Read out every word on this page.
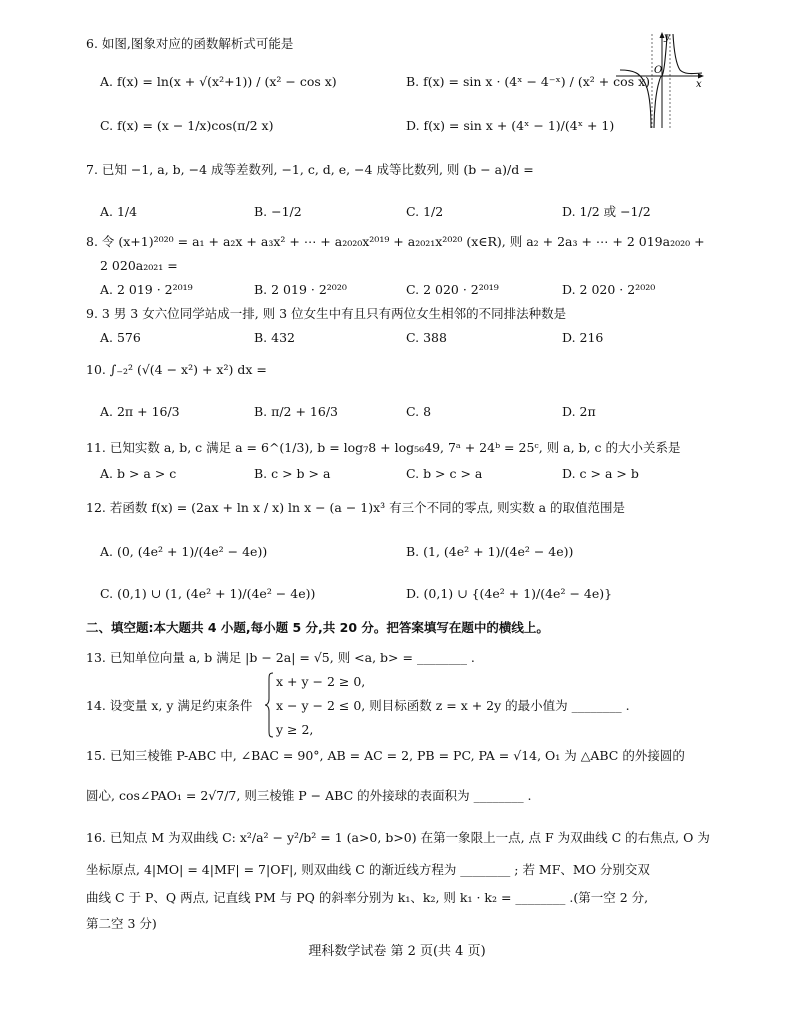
6. 如图,图象对应的函数解析式可能是
A. f(x) = ln(x + √(x²+1)) / (x² − cos x)	B. f(x) = sin x · (4ˣ − 4⁻ˣ) / (x² + cos x)
C. f(x) = (x − 1/x)cos(π/2 x)	D. f(x) = sin x + (4ˣ − 1)/(4ˣ + 1)
y
O
x
7. 已知 −1, a, b, −4 成等差数列, −1, c, d, e, −4 成等比数列, 则 (b − a)/d =
A. 1/4	B. −1/2	C. 1/2	D. 1/2 或 −1/2
8. 令 (x+1)²⁰²⁰ = a₁ + a₂x + a₃x² + ⋯ + a₂₀₂₀x²⁰¹⁹ + a₂₀₂₁x²⁰²⁰ (x∈R), 则 a₂ + 2a₃ + ⋯ + 2 019a₂₀₂₀ +
2 020a₂₀₂₁ =
A. 2 019 · 2²⁰¹⁹	B. 2 019 · 2²⁰²⁰	C. 2 020 · 2²⁰¹⁹	D. 2 020 · 2²⁰²⁰
9. 3 男 3 女六位同学站成一排, 则 3 位女生中有且只有两位女生相邻的不同排法种数是
A. 576	B. 432	C. 388	D. 216
10. ∫₋₂² (√(4 − x²) + x²) dx =
A. 2π + 16/3	B. π/2 + 16/3	C. 8	D. 2π
11. 已知实数 a, b, c 满足 a = 6^(1/3), b = log₇8 + log₅₆49, 7ᵃ + 24ᵇ = 25ᶜ, 则 a, b, c 的大小关系是
A. b > a > c	B. c > b > a	C. b > c > a	D. c > a > b
12. 若函数 f(x) = (2ax + ln x / x) ln x − (a − 1)x³ 有三个不同的零点, 则实数 a 的取值范围是
A. (0, (4e² + 1)/(4e² − 4e))	B. (1, (4e² + 1)/(4e² − 4e))
C. (0,1) ∪ (1, (4e² + 1)/(4e² − 4e))	D. (0,1) ∪ {(4e² + 1)/(4e² − 4e)}
二、填空题:本大题共 4 小题,每小题 5 分,共 20 分。把答案填写在题中的横线上。
13. 已知单位向量 a, b 满足 |b − 2a| = √5, 则 <a, b> = ________ .
14. 设变量 x, y 满足约束条件
x + y − 2 ≥ 0,
x − y − 2 ≤ 0, 则目标函数 z = x + 2y 的最小值为 ________ .
y ≥ 2,
15. 已知三棱锥 P-ABC 中, ∠BAC = 90°, AB = AC = 2, PB = PC, PA = √14, O₁ 为 △ABC 的外接圆的
圆心, cos∠PAO₁ = 2√7/7, 则三棱锥 P − ABC 的外接球的表面积为 ________ .
16. 已知点 M 为双曲线 C: x²/a² − y²/b² = 1 (a>0, b>0) 在第一象限上一点, 点 F 为双曲线 C 的右焦点, O 为
坐标原点, 4|MO| = 4|MF| = 7|OF|, 则双曲线 C 的渐近线方程为 ________ ; 若 MF、MO 分别交双
曲线 C 于 P、Q 两点, 记直线 PM 与 PQ 的斜率分别为 k₁、k₂, 则 k₁ · k₂ = ________ .(第一空 2 分,
第二空 3 分)
理科数学试卷 第 2 页(共 4 页)
